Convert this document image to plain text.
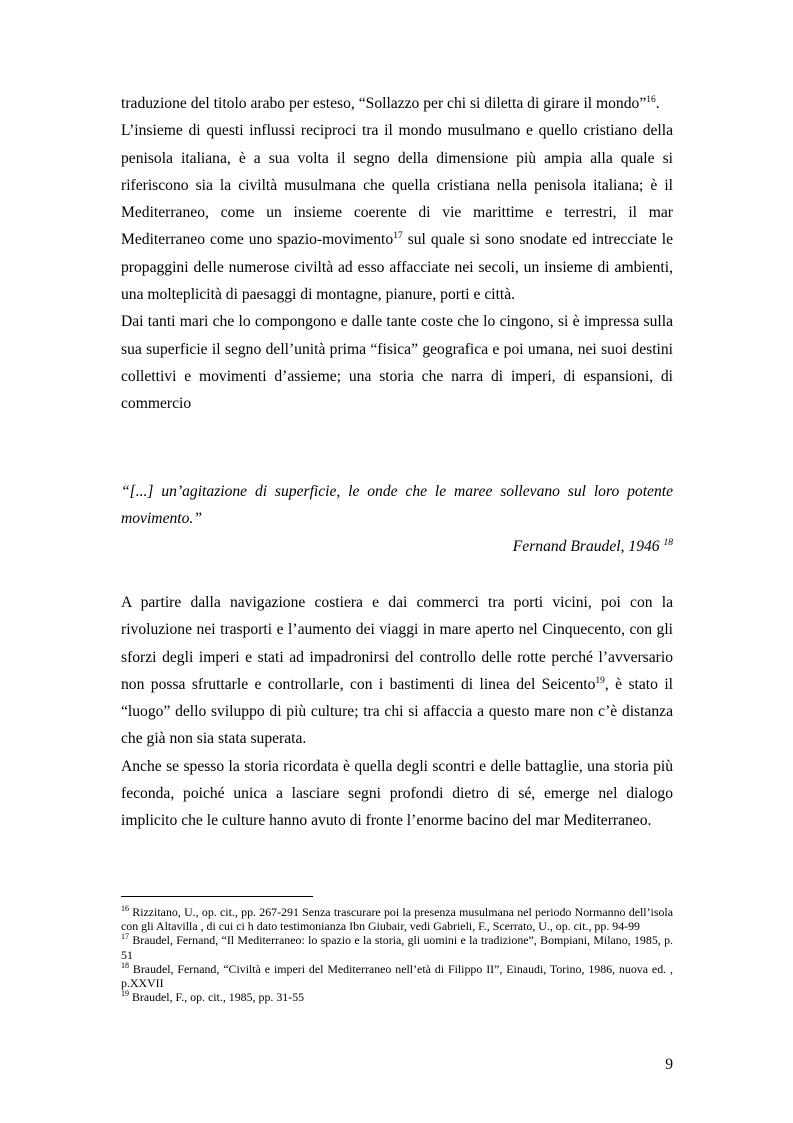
traduzione del titolo arabo per esteso, “Sollazzo per chi si diletta di girare il mondo”$^{16}$.

L’insieme di questi influssi reciproci tra il mondo musulmano e quello cristiano della penisola italiana, è a sua volta il segno della dimensione più ampia alla quale si riferiscono sia la civiltà musulmana che quella cristiana nella penisola italiana; è il Mediterraneo, come un insieme coerente di vie marittime e terrestri, il mar Mediterraneo come uno spazio-movimento$^{17}$ sul quale si sono snodate ed intrecciate le propaggini delle numerose civiltà ad esso affacciate nei secoli, un insieme di ambienti, una molteplicità di paesaggi di montagne, pianure, porti e città.

Dai tanti mari che lo compongono e dalle tante coste che lo cingono, si è impressa sulla sua superficie il segno dell’unità prima “fisica” geografica e poi umana, nei suoi destini collettivi e movimenti d’assieme; una storia che narra di imperi, di espansioni, di commercio

“[...] un’agitazione di superficie, le onde che le maree sollevano sul loro potente movimento.”

Fernand Braudel, 1946 $^{18}$

A partire dalla navigazione costiera e dai commerci tra porti vicini, poi con la rivoluzione nei trasporti e l’aumento dei viaggi in mare aperto nel Cinquecento, con gli sforzi degli imperi e stati ad impadronirsi del controllo delle rotte perché l’avversario non possa sfruttarle e controllarle, con i bastimenti di linea del Seicento$^{19}$, è stato il “luogo” dello sviluppo di più culture; tra chi si affaccia a questo mare non c’è distanza che già non sia stata superata.

Anche se spesso la storia ricordata è quella degli scontri e delle battaglie, una storia più feconda, poiché unica a lasciare segni profondi dietro di sé, emerge nel dialogo implicito che le culture hanno avuto di fronte l’enorme bacino del mar Mediterraneo.

$^{16}$ Rizzitano, U., op. cit., pp. 267-291 Senza trascurare poi la presenza musulmana nel periodo Normanno dell’isola con gli Altavilla , di cui ci h dato testimonianza Ibn Giubair, vedi Gabrieli, F., Scerrato, U., op. cit., pp. 94-99

$^{17}$ Braudel, Fernand, “Il Mediterraneo: lo spazio e la storia, gli uomini e la tradizione”, Bompiani, Milano, 1985, p. 51

$^{18}$ Braudel, Fernand, “Civiltà e imperi del Mediterraneo nell’età di Filippo II”, Einaudi, Torino, 1986, nuova ed. , p.XXVII

$^{19}$ Braudel, F., op. cit., 1985, pp. 31-55

9
